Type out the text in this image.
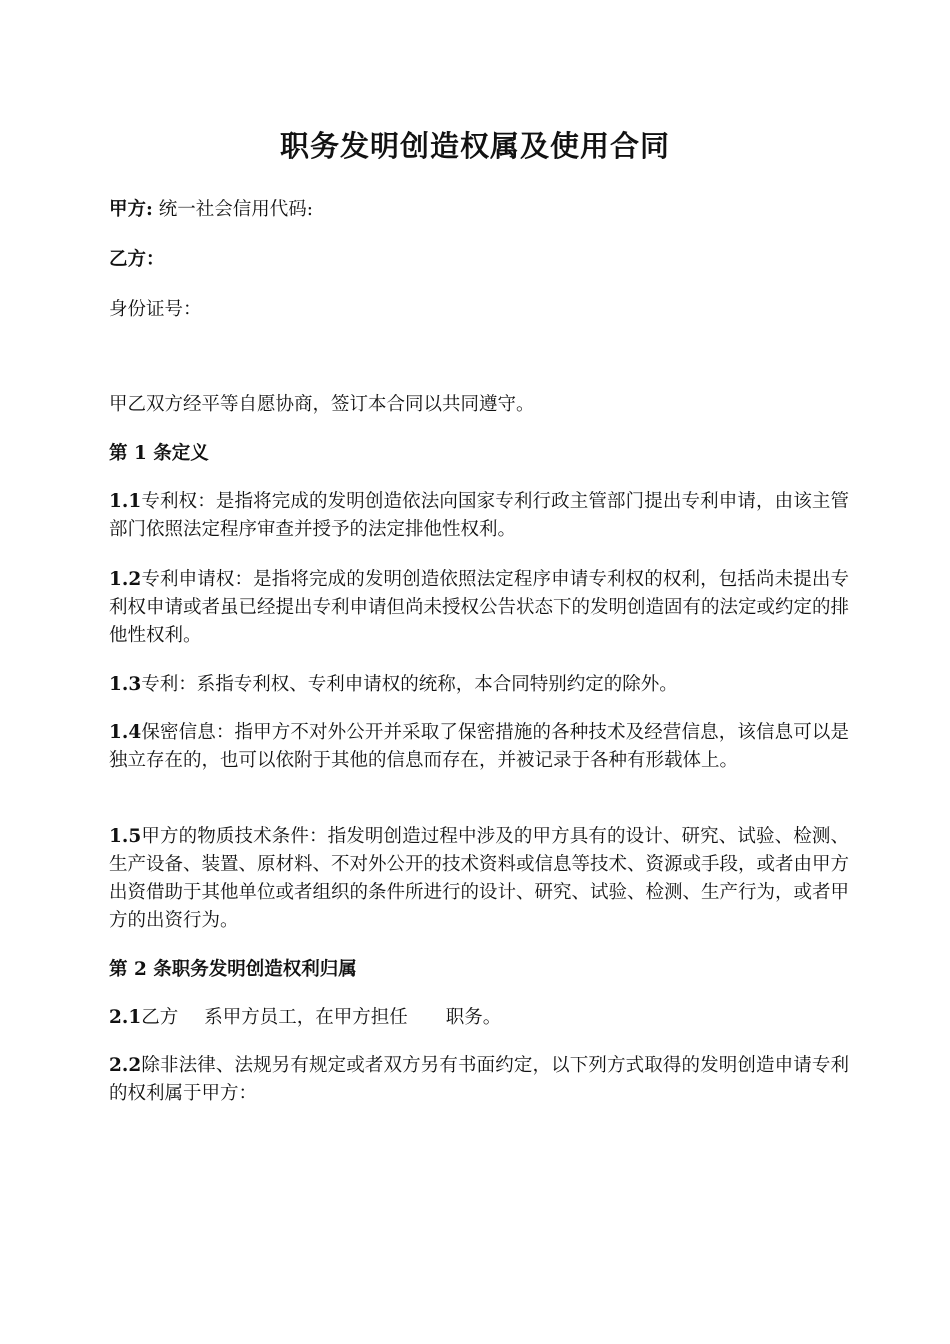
职务发明创造权属及使用合同

甲方: 统一社会信用代码:

乙方：

身份证号：

甲乙双方经平等自愿协商，签订本合同以共同遵守。

第 1 条定义

1.1专利权：是指将完成的发明创造依法向国家专利行政主管部门提出专利申请，由该主管部门依照法定程序审查并授予的法定排他性权利。

1.2专利申请权：是指将完成的发明创造依照法定程序申请专利权的权利，包括尚未提出专利权申请或者虽已经提出专利申请但尚未授权公告状态下的发明创造固有的法定或约定的排他性权利。

1.3专利：系指专利权、专利申请权的统称，本合同特别约定的除外。

1.4保密信息：指甲方不对外公开并采取了保密措施的各种技术及经营信息，该信息可以是独立存在的，也可以依附于其他的信息而存在，并被记录于各种有形载体上。

1.5甲方的物质技术条件：指发明创造过程中涉及的甲方具有的设计、研究、试验、检测、生产设备、装置、原材料、不对外公开的技术资料或信息等技术、资源或手段，或者由甲方出资借助于其他单位或者组织的条件所进行的设计、研究、试验、检测、生产行为，或者甲方的出资行为。

第 2 条职务发明创造权利归属

2.1乙方 系甲方员工，在甲方担任 职务。

2.2除非法律、法规另有规定或者双方另有书面约定，以下列方式取得的发明创造申请专利的权利属于甲方：
